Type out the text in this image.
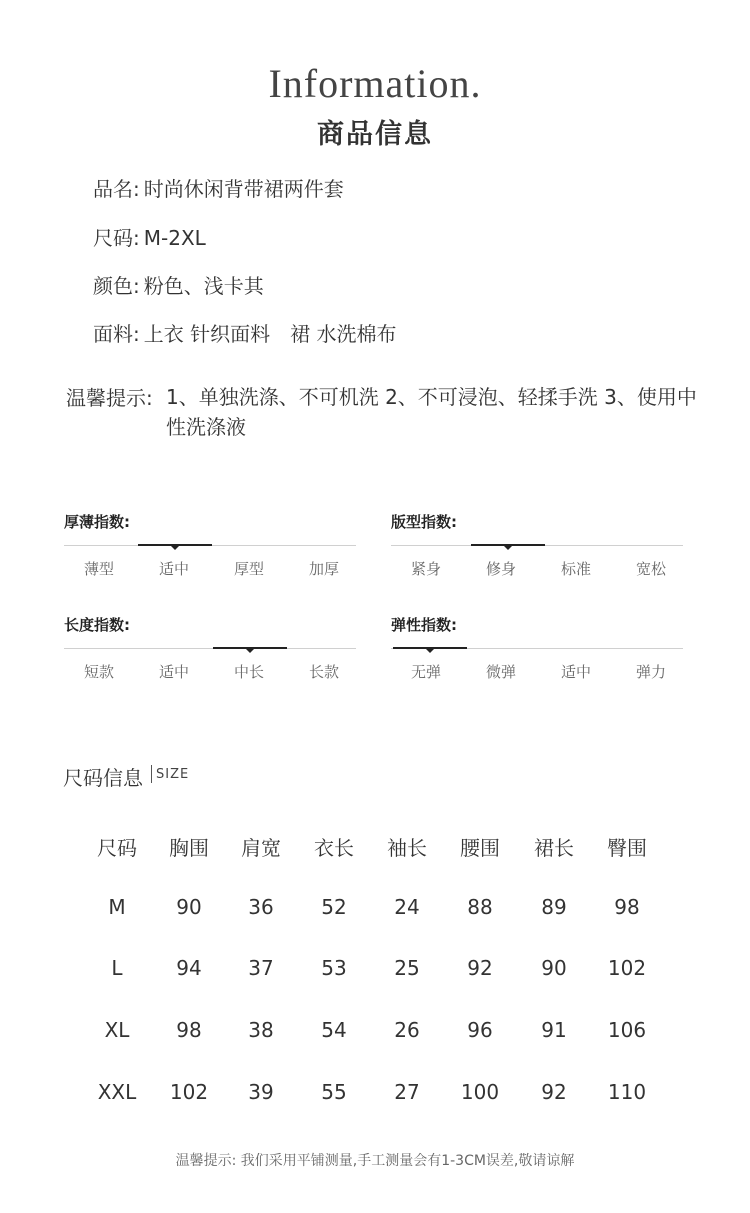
Information.
商品信息
品名: 时尚休闲背带裙两件套
尺码: M-2XL
颜色: 粉色、浅卡其
面料: 上衣 针织面料　裙 水洗棉布
温馨提示: 1、单独洗涤、不可机洗 2、不可浸泡、轻揉手洗 3、使用中性洗涤液
厚薄指数:
薄型	适中	厚型	加厚
版型指数:
紧身	修身	标准	宽松
长度指数:
短款	适中	中长	长款
弹性指数:
无弹	微弹	适中	弹力
尺码信息 SIZE
尺码	胸围	肩宽	衣长	袖长	腰围	裙长	臀围
M	90	36	52	24	88	89	98
L	94	37	53	25	92	90	102
XL	98	38	54	26	96	91	106
XXL	102	39	55	27	100	92	110
温馨提示: 我们采用平铺测量,手工测量会有1-3CM误差,敬请谅解
